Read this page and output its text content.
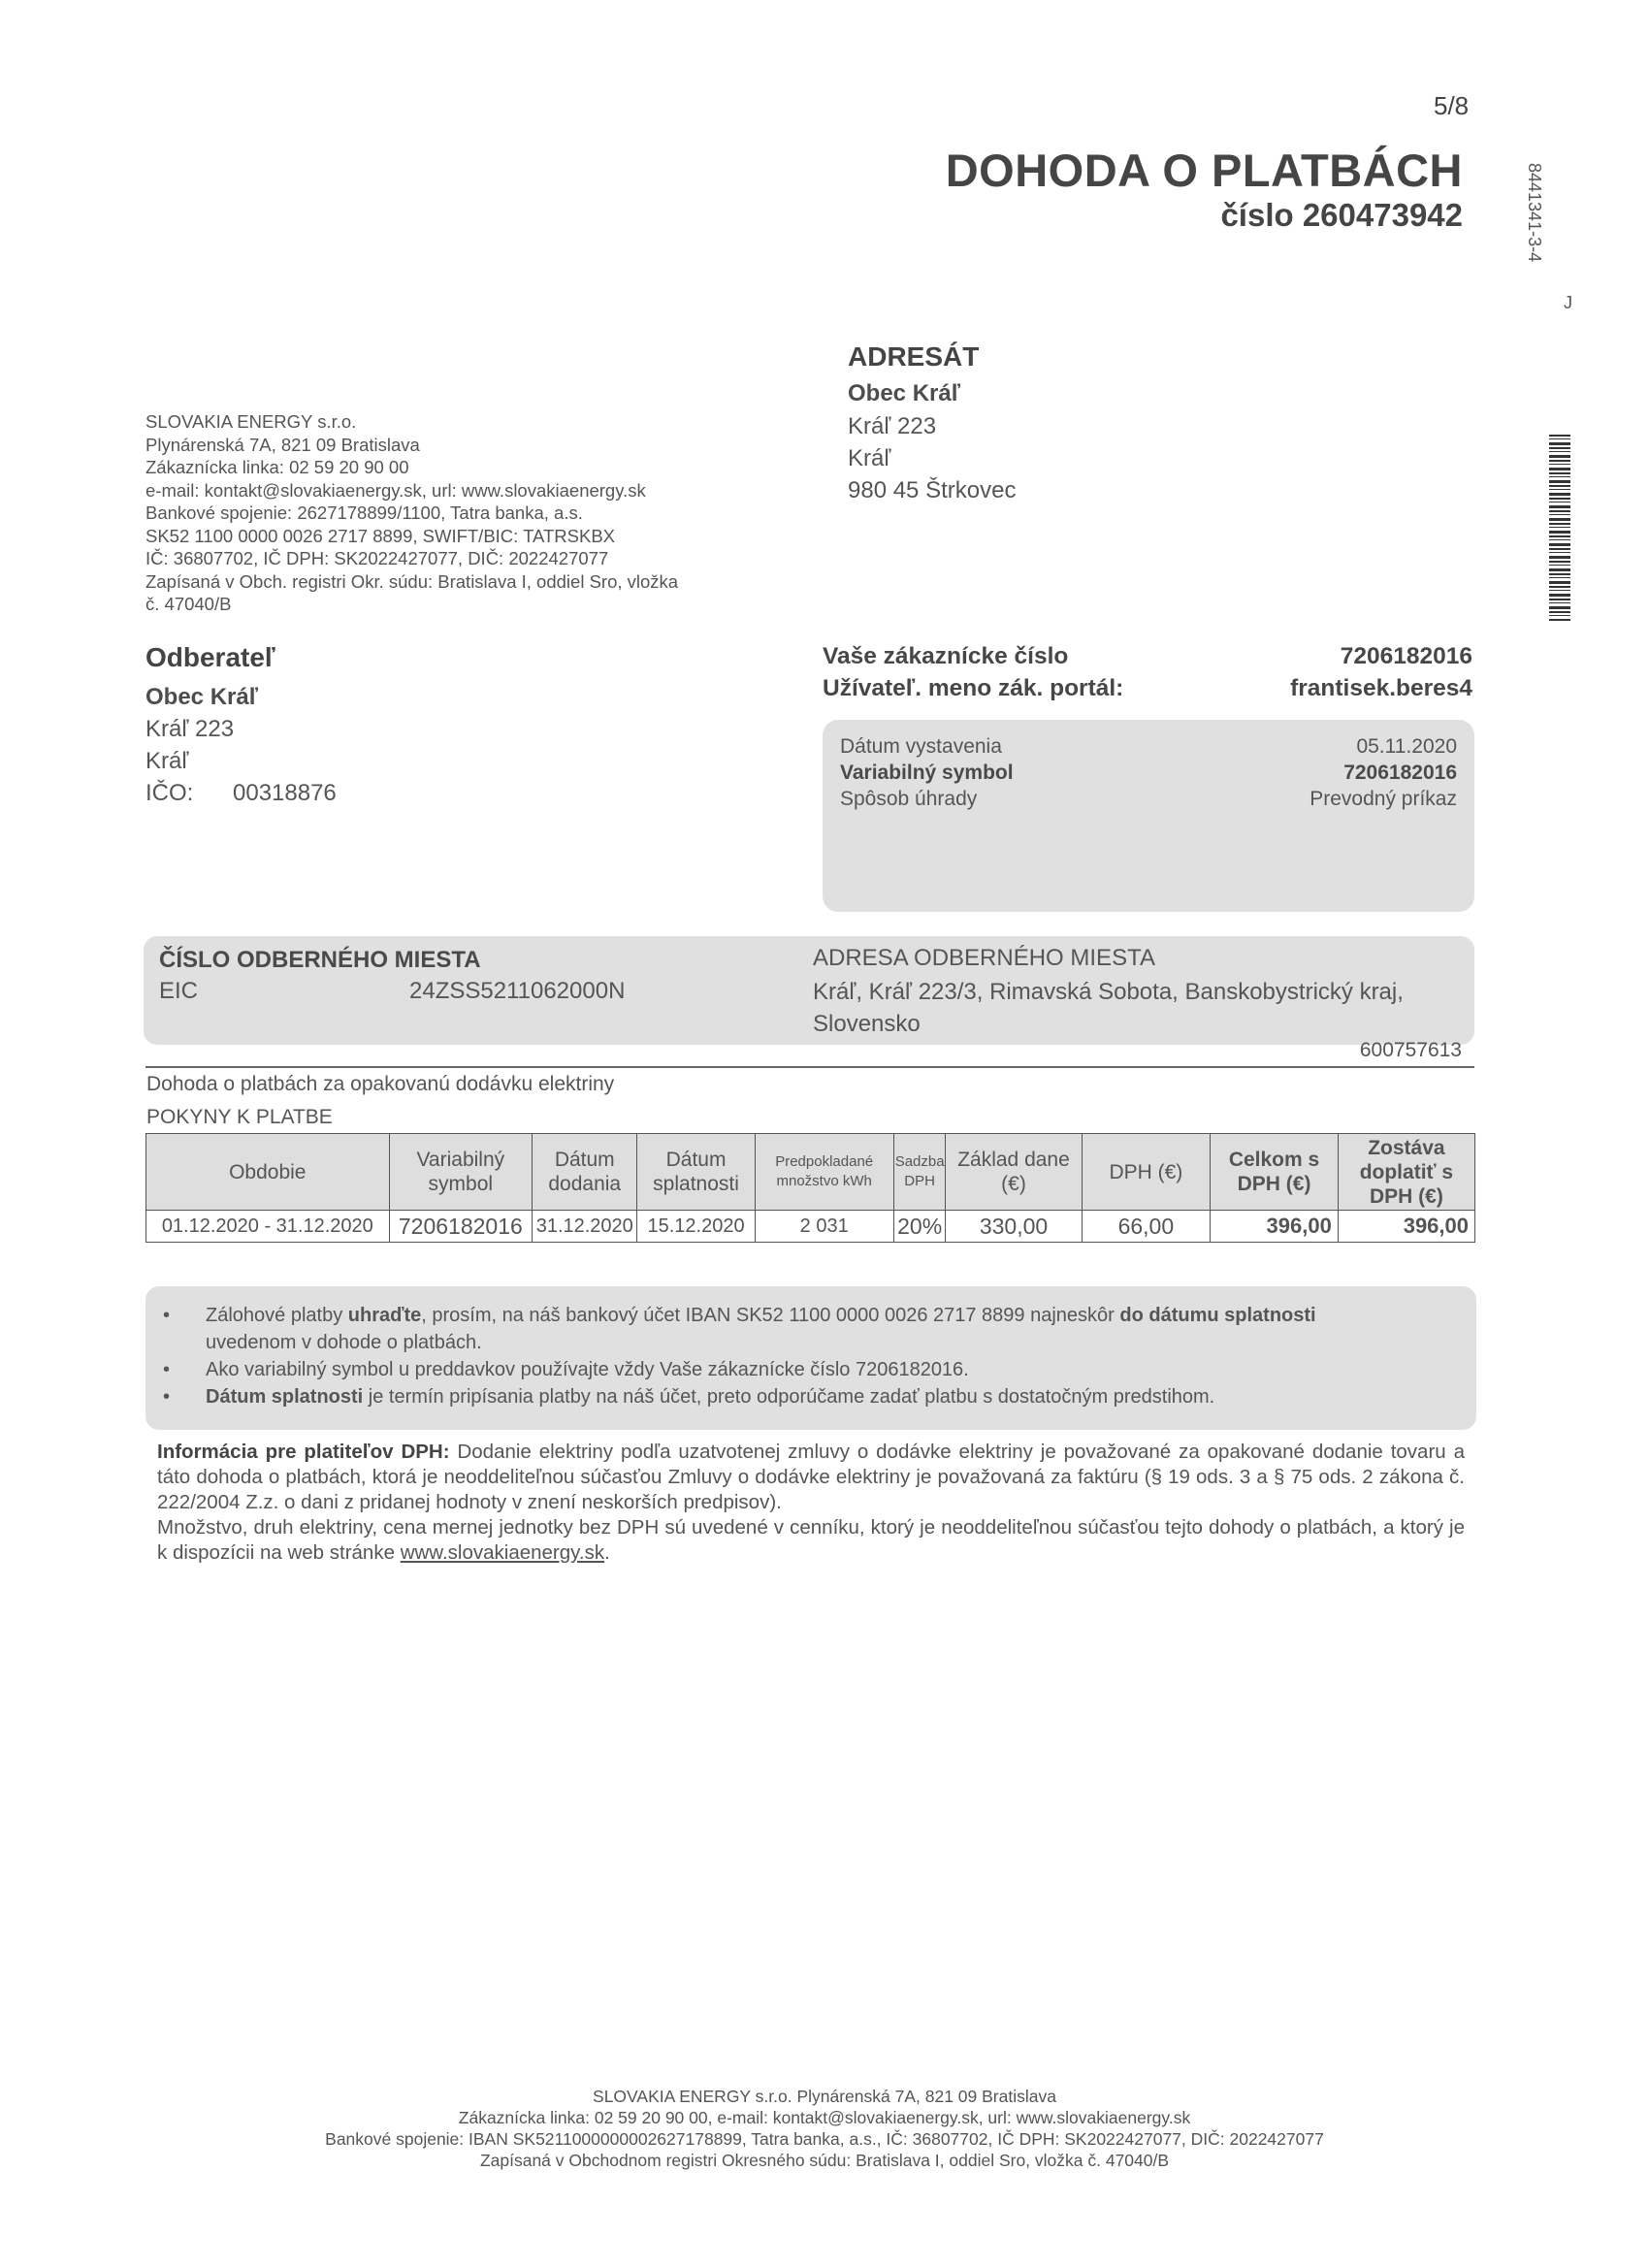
5/8
DOHODA O PLATBÁCH
číslo 260473942	8441341-3-4
J
SLOVAKIA ENERGY s.r.o.
Plynárenská 7A, 821 09 Bratislava
Zákaznícka linka: 02 59 20 90 00
e-mail: kontakt@slovakiaenergy.sk, url: www.slovakiaenergy.sk
Bankové spojenie: 2627178899/1100, Tatra banka, a.s.
SK52 1100 0000 0026 2717 8899, SWIFT/BIC: TATRSKBX
IČ: 36807702, IČ DPH: SK2022427077, DIČ: 2022427077
Zapísaná v Obch. registri Okr. súdu: Bratislava I, oddiel Sro, vložka
č. 47040/B
ADRESÁT
Obec Kráľ
Kráľ 223
Kráľ
980 45 Štrkovec
Odberateľ
Obec Kráľ
Kráľ 223
Kráľ
IČO: 00318876
Vaše zákaznícke číslo	7206182016
Užívateľ. meno zák. portál:	frantisek.beres4
Dátum vystavenia	05.11.2020
Variabilný symbol	7206182016
Spôsob úhrady	Prevodný príkaz
ČÍSLO ODBERNÉHO MIESTA
EIC	24ZSS5211062000N
ADRESA ODBERNÉHO MIESTA
Kráľ, Kráľ 223/3, Rimavská Sobota, Banskobystrický kraj, Slovensko
600757613
Dohoda o platbách za opakovanú dodávku elektriny
POKYNY K PLATBE
Obdobie	Variabilný symbol	Dátum dodania	Dátum splatnosti	Predpokladané množstvo kWh	Sadzba DPH	Základ dane (€)	DPH (€)	Celkom s DPH (€)	Zostáva doplatiť s DPH (€)
01.12.2020 - 31.12.2020	7206182016	31.12.2020	15.12.2020	2 031	20%	330,00	66,00	396,00	396,00
• Zálohové platby uhraďte, prosím, na náš bankový účet IBAN SK52 1100 0000 0026 2717 8899 najneskôr do dátumu splatnosti
uvedenom v dohode o platbách.
• Ako variabilný symbol u preddavkov používajte vždy Vaše zákaznícke číslo 7206182016.
• Dátum splatnosti je termín pripísania platby na náš účet, preto odporúčame zadať platbu s dostatočným predstihom.
Informácia pre platiteľov DPH: Dodanie elektriny podľa uzatvotenej zmluvy o dodávke elektriny je považované za opakované dodanie tovaru a táto dohoda o platbách, ktorá je neoddeliteľnou súčasťou Zmluvy o dodávke elektriny je považovaná za faktúru (§ 19 ods. 3 a § 75 ods. 2 zákona č. 222/2004 Z.z. o dani z pridanej hodnoty v znení neskorších predpisov).
Množstvo, druh elektriny, cena mernej jednotky bez DPH sú uvedené v cenníku, ktorý je neoddeliteľnou súčasťou tejto dohody o platbách, a ktorý je k dispozícii na web stránke www.slovakiaenergy.sk.
SLOVAKIA ENERGY s.r.o. Plynárenská 7A, 821 09 Bratislava
Zákaznícka linka: 02 59 20 90 00, e-mail: kontakt@slovakiaenergy.sk, url: www.slovakiaenergy.sk
Bankové spojenie: IBAN SK5211000000002627178899, Tatra banka, a.s., IČ: 36807702, IČ DPH: SK2022427077, DIČ: 2022427077
Zapísaná v Obchodnom registri Okresného súdu: Bratislava I, oddiel Sro, vložka č. 47040/B
